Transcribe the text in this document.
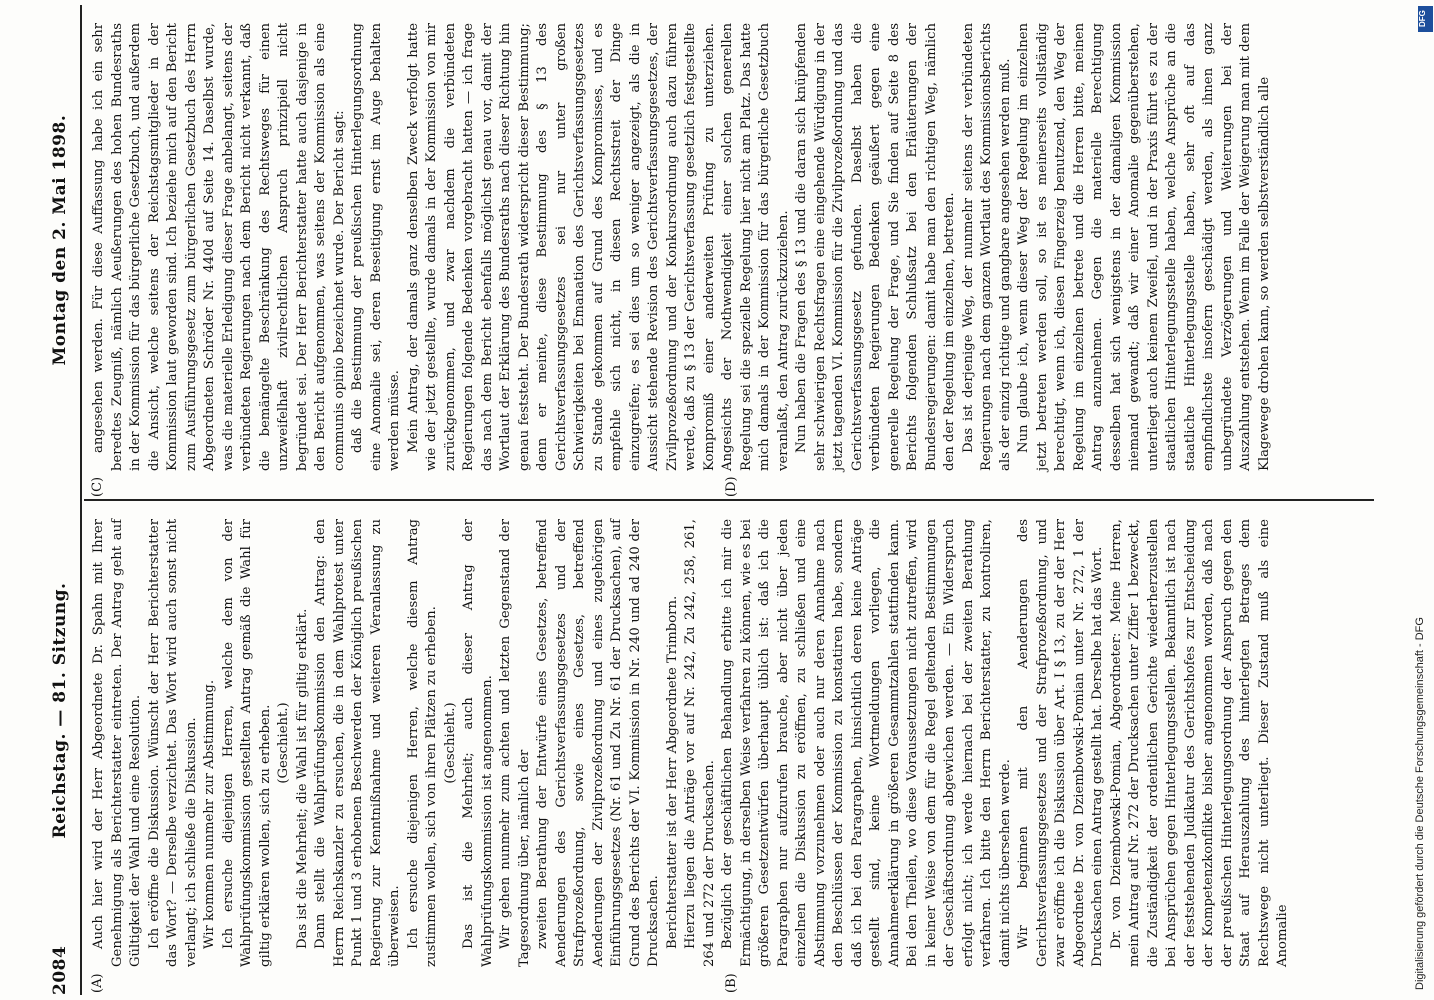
2084
Reichstag. — 81. Sitzung.
Montag den 2. Mai 1898.
(A)	(B)

Auch hier wird der Herr Abgeordnete Dr. Spahn mit Ihrer Genehmigung als Berichterstatter eintreten. Der Antrag geht auf Gültigkeit der Wahl und eine Resolution. Ich eröffne die Diskussion. Wünscht der Herr Berichterstatter das Wort? — Derselbe verzichtet. Das Wort wird auch sonst nicht verlangt; ich schließe die Diskussion. Wir kommen nunmehr zur Abstimmung. Ich ersuche diejenigen Herren, welche dem von der Wahlprüfungskommission gestellten Antrag gemäß die Wahl für giltig erklären wollen, sich zu erheben. (Geschieht.) Das ist die Mehrheit; die Wahl ist für giltig erklärt. Dann stellt die Wahlprüfungskommission den Antrag: den Herrn Reichskanzler zu ersuchen, die in dem Wahlprotest unter Punkt 1 und 3 erhobenen Beschwerden der Königlich preußischen Regierung zur Kenntnißnahme und weiteren Veranlassung zu überweisen. Ich ersuche diejenigen Herren, welche diesem Antrag zustimmen wollen, sich von ihren Plätzen zu erheben. (Geschieht.) Das ist die Mehrheit; auch dieser Antrag der Wahlprüfungskommission ist angenommen. Wir gehen nunmehr zum achten und letzten Gegenstand der Tagesordnung über, nämlich der zweiten Berathung der Entwürfe eines Gesetzes, betreffend Aenderungen des Gerichtsverfassungsgesetzes und der Strafprozeßordnung, sowie eines Gesetzes, betreffend Aenderungen der Zivilprozeßordnung und eines zugehörigen Einführungsgesetzes (Nr. 61 und Zu Nr. 61 der Drucksachen), auf Grund des Berichts der VI. Kommission in Nr. 240 und ad 240 der Drucksachen. Berichterstatter ist der Herr Abgeordnete Trimborn. Hierzu liegen die Anträge vor auf Nr. 242, Zu 242, 258, 261, 264 und 272 der Drucksachen. Bezüglich der geschäftlichen Behandlung erbitte ich mir die Ermächtigung, in derselben Weise verfahren zu können, wie es bei größeren Gesetzentwürfen überhaupt üblich ist: daß ich die Paragraphen nur aufzurufen brauche, aber nicht über jeden einzelnen die Diskussion zu eröffnen, zu schließen und eine Abstimmung vorzunehmen oder auch nur deren Annahme nach den Beschlüssen der Kommission zu konstatiren habe, sondern daß ich bei den Paragraphen, hinsichtlich deren keine Anträge gestellt sind, keine Wortmeldungen vorliegen, die Annahmeerklärung in größeren Gesammtzahlen stattfinden kann. Bei den Theilen, wo diese Voraussetzungen nicht zutreffen, wird in keiner Weise von dem für die Regel geltenden Bestimmungen der Geschäftsordnung abgewichen werden. — Ein Widerspruch erfolgt nicht; ich werde hiernach bei der zweiten Berathung verfahren. Ich bitte den Herrn Berichterstatter, zu kontroliren, damit nichts übersehen werde. Wir beginnen mit den Aenderungen des Gerichtsverfassungsgesetzes und der Strafprozeßordnung, und zwar eröffne ich die Diskussion über Art. I § 13, zu der der Herr Abgeordnete Dr. von Dziembowski-Pomian unter Nr. 272, 1 der Drucksachen einen Antrag gestellt hat. Derselbe hat das Wort. Dr. von Dziembowski-Pomian, Abgeordneter: Meine Herren, mein Antrag auf Nr. 272 der Drucksachen unter Ziffer 1 bezweckt, die Zuständigkeit der ordentlichen Gerichte wiederherzustellen bei Ansprüchen gegen Hinterlegungsstellen. Bekanntlich ist nach der feststehenden Judikatur des Gerichtshofes zur Entscheidung der Kompetenzkonflikte bisher angenommen worden, daß nach der preußischen Hinterlegungsordnung der Anspruch gegen den Staat auf Herauszahlung des hinterlegten Betrages dem Rechtswege nicht unterliegt. Dieser Zustand muß als eine Anomalie

(C)	(D)

angesehen werden. Für diese Auffassung habe ich ein sehr beredtes Zeugniß, nämlich Aeußerungen des hohen Bundesraths in der Kommission für das bürgerliche Gesetzbuch, und außerdem die Ansicht, welche seitens der Reichstagsmitglieder in der Kommission laut geworden sind. Ich beziehe mich auf den Bericht zum Ausführungsgesetz zum bürgerlichen Gesetzbuch des Herrn Abgeordneten Schröder Nr. 440d auf Seite 14. Daselbst wurde, was die materielle Erledigung dieser Frage anbelangt, seitens der verbündeten Regierungen nach dem Bericht nicht verkannt, daß die bemängelte Beschränkung des Rechtsweges für einen unzweifelhaft zivilrechtlichen Anspruch prinzipiell nicht begründet sei. Der Herr Berichterstatter hatte auch dasjenige in den Bericht aufgenommen, was seitens der Kommission als eine communis opinio bezeichnet wurde. Der Bericht sagt: daß die Bestimmung der preußischen Hinterlegungsordnung eine Anomalie sei, deren Beseitigung ernst im Auge behalten werden müsse. Mein Antrag, der damals ganz denselben Zweck verfolgt hatte wie der jetzt gestellte, wurde damals in der Kommission von mir zurückgenommen, und zwar nachdem die verbündeten Regierungen folgende Bedenken vorgebracht hatten — ich frage das nach dem Bericht ebenfalls möglichst genau vor, damit der Wortlaut der Erklärung des Bundesraths nach dieser Richtung hin genau feststeht. Der Bundesrath widerspricht dieser Bestimmung; denn er meinte, diese Bestimmung des § 13 des Gerichtsverfassungsgesetzes sei nur unter großen Schwierigkeiten bei Emanation des Gerichtsverfassungsgesetzes zu Stande gekommen auf Grund des Kompromisses, und es empfehle sich nicht, in diesen Rechtsstreit der Dinge einzugreifen; es sei dies um so weniger angezeigt, als die in Aussicht stehende Revision des Gerichtsverfassungsgesetzes, der Zivilprozeßordnung und der Konkursordnung auch dazu führen werde, daß zu § 13 der Gerichtsverfassung gesetzlich festgestellte Kompromiß einer anderweiten Prüfung zu unterziehen. Angesichts der Nothwendigkeit einer solchen generellen Regelung sei die spezielle Regelung hier nicht am Platz. Das hatte mich damals in der Kommission für das bürgerliche Gesetzbuch veranlaßt, den Antrag zurückzuziehen. Nun haben die Fragen des § 13 und die daran sich knüpfenden sehr schwierigen Rechtsfragen eine eingehende Würdigung in der jetzt tagenden VI. Kommission für die Zivilprozeßordnung und das Gerichtsverfassungsgesetz gefunden. Daselbst haben die verbündeten Regierungen Bedenken geäußert gegen eine generelle Regelung der Frage, und Sie finden auf Seite 8 des Berichts folgenden Schlußsatz bei den Erläuterungen der Bundesregierungen: damit habe man den richtigen Weg, nämlich den der Regelung im einzelnen, betreten. Das ist derjenige Weg, der nunmehr seitens der verbündeten Regierungen nach dem ganzen Wortlaut des Kommissionsberichts als der einzig richtige und gangbare angesehen werden muß. Nun glaube ich, wenn dieser Weg der Regelung im einzelnen jetzt betreten werden soll, so ist es meinerseits vollständig berechtigt, wenn ich, diesen Fingerzeig benutzend, den Weg der Regelung im einzelnen betrete und die Herren bitte, meinen Antrag anzunehmen. Gegen die materielle Berechtigung desselben hat sich wenigstens in der damaligen Kommission niemand gewandt; daß wir einer Anomalie gegenüberstehen, unterliegt auch keinem Zweifel, und in der Praxis führt es zu der staatlichen Hinterlegungsstelle haben, welche Ansprüche an die staatliche Hinterlegungsstelle haben, sehr oft auf das empfindlichste insofern geschädigt werden, als ihnen ganz unbegründete Verzögerungen und Weiterungen bei der Auszahlung entstehen. Wenn im Falle der Weigerung man mit dem Klagewege drohen kann, so werden selbstverständlich alle

Digitalisierung gefördert durch die Deutsche Forschungsgemeinschaft - DFG
DFG
